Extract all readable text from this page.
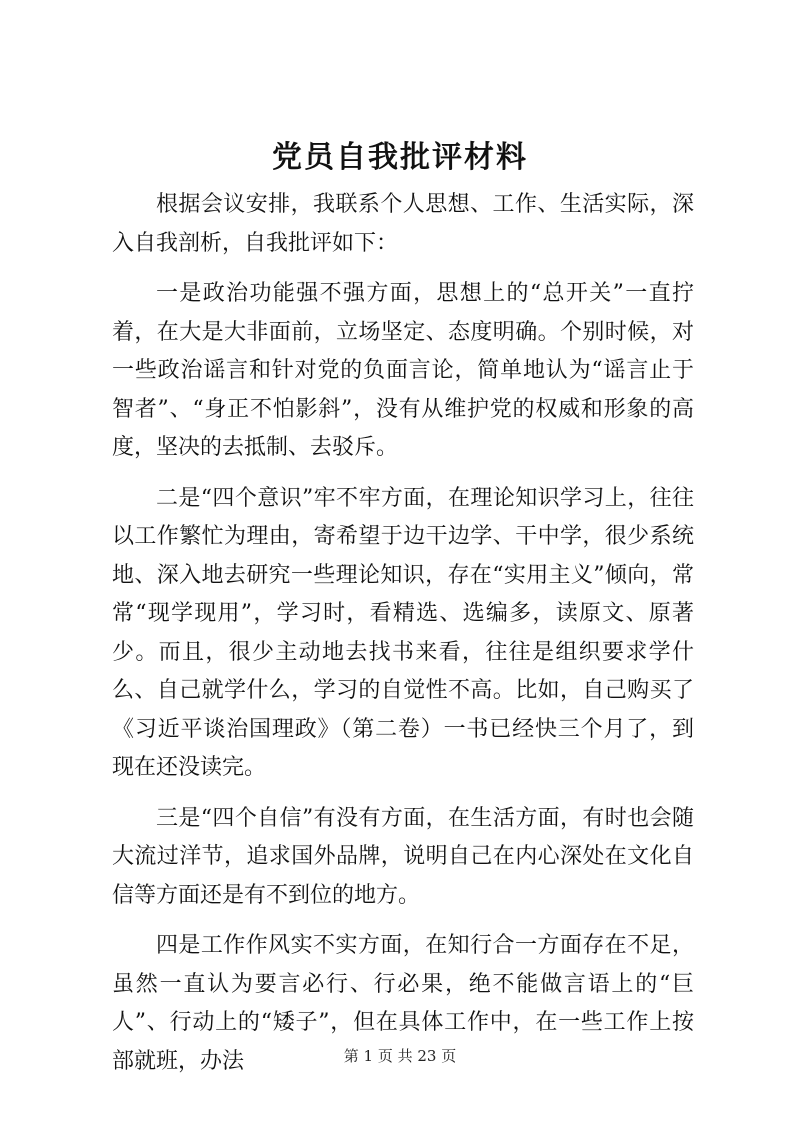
党员自我批评材料

根据会议安排，我联系个人思想、工作、生活实际，深入自我剖析，自我批评如下：

一是政治功能强不强方面，思想上的“总开关”一直拧着，在大是大非面前，立场坚定、态度明确。个别时候，对一些政治谣言和针对党的负面言论，简单地认为“谣言止于智者”、“身正不怕影斜”，没有从维护党的权威和形象的高度，坚决的去抵制、去驳斥。

二是“四个意识”牢不牢方面，在理论知识学习上，往往以工作繁忙为理由，寄希望于边干边学、干中学，很少系统地、深入地去研究一些理论知识，存在“实用主义”倾向，常常“现学现用”，学习时，看精选、选编多，读原文、原著少。而且，很少主动地去找书来看，往往是组织要求学什么、自己就学什么，学习的自觉性不高。比如，自己购买了《习近平谈治国理政》（第二卷）一书已经快三个月了，到现在还没读完。

三是“四个自信”有没有方面，在生活方面，有时也会随大流过洋节，追求国外品牌，说明自己在内心深处在文化自信等方面还是有不到位的地方。

四是工作作风实不实方面，在知行合一方面存在不足，虽然一直认为要言必行、行必果，绝不能做言语上的“巨人”、行动上的“矮子”，但在具体工作中，在一些工作上按部就班，办法	第 1 页 共 23 页
